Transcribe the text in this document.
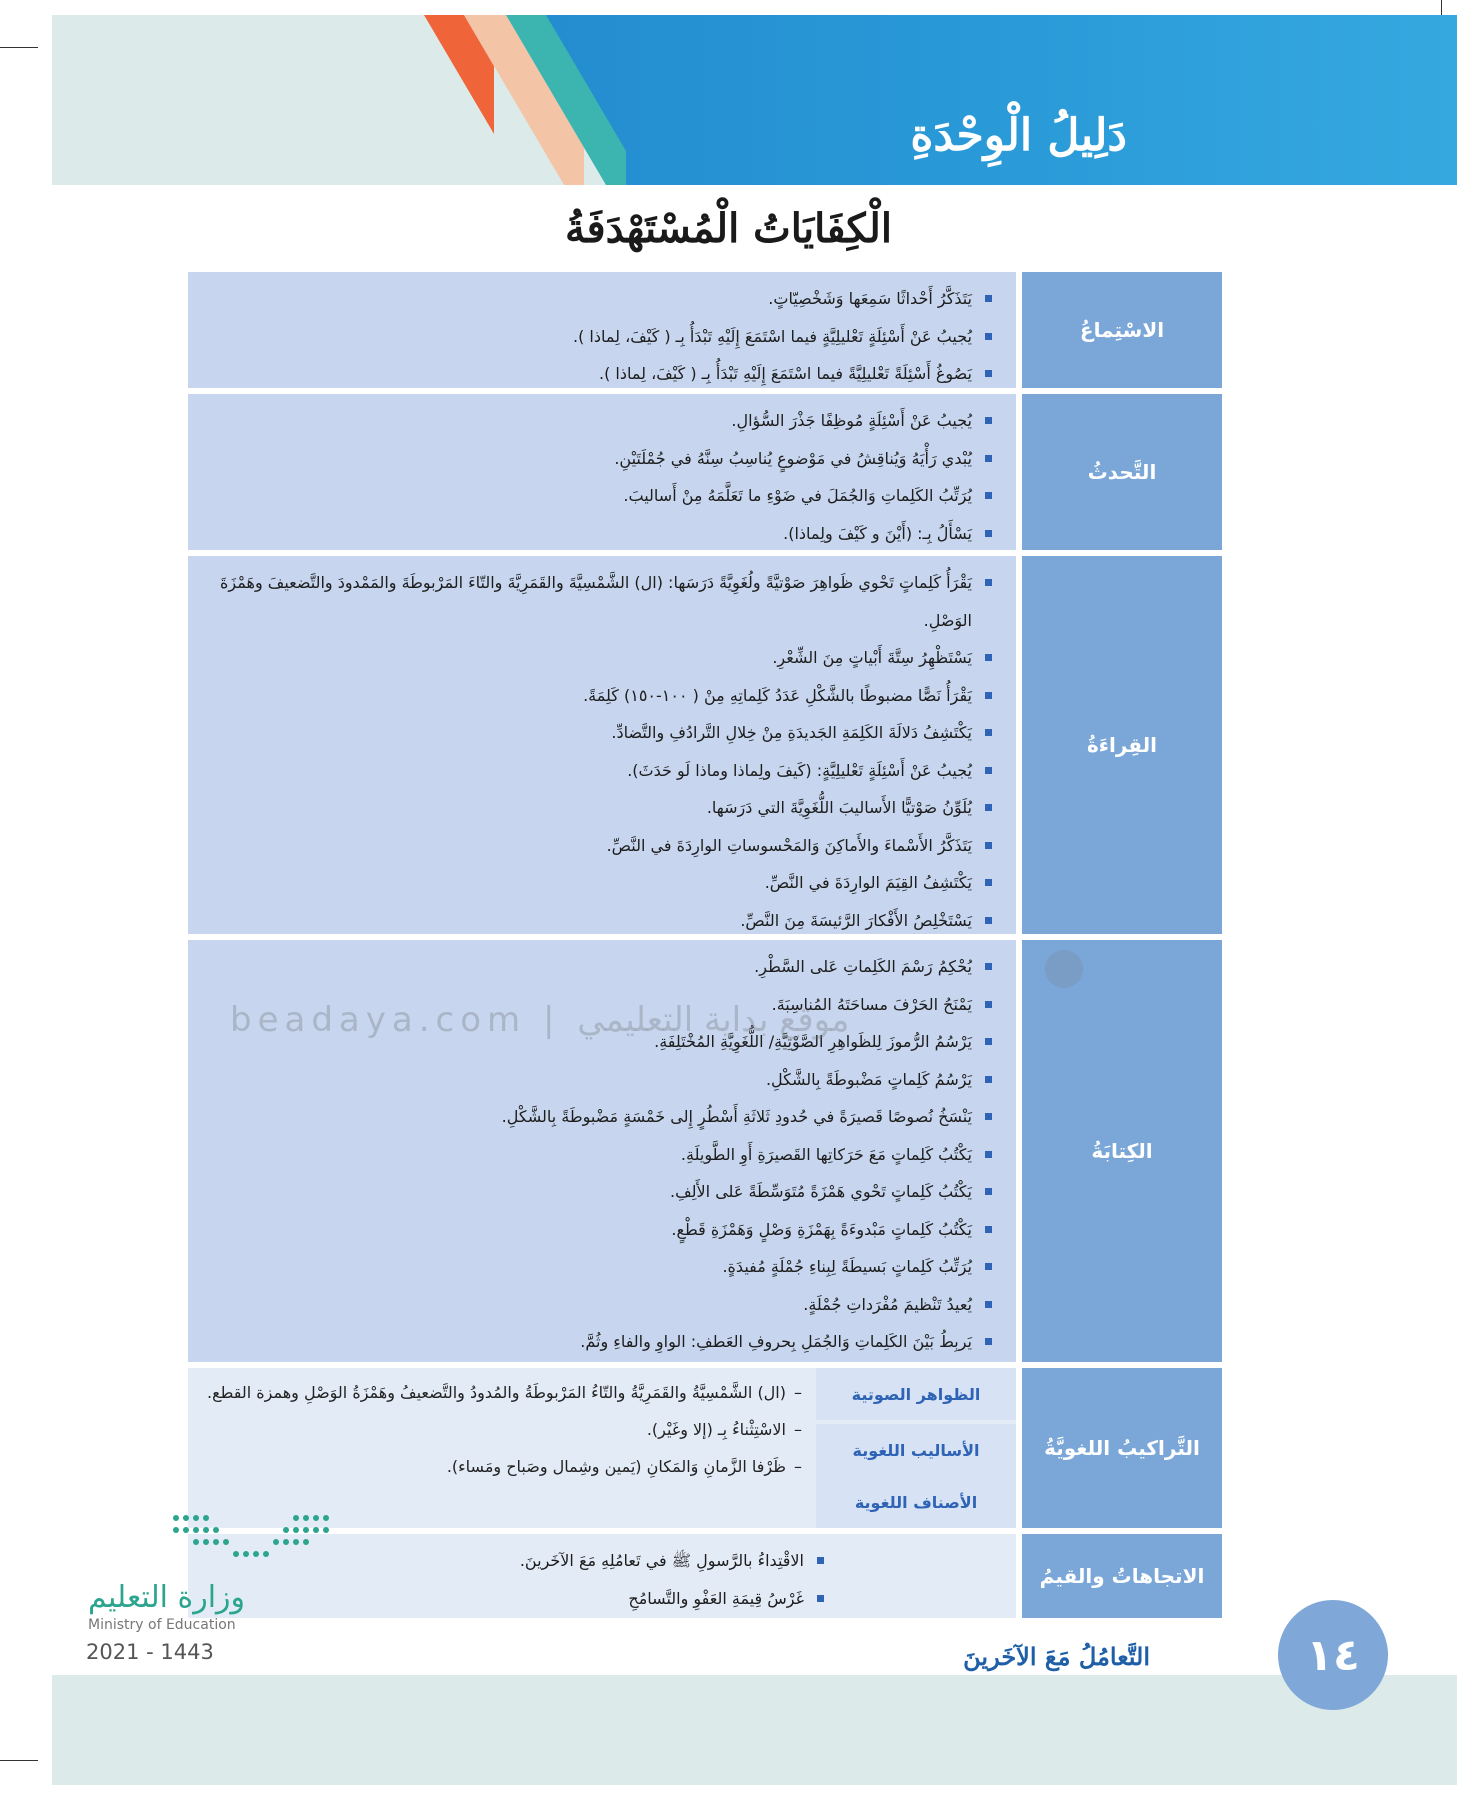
دَلِيلُ الْوِحْدَةِ
الْكِفَايَاتُ الْمُسْتَهْدَفَةُ
يَتَذَكَّرُ أَحْداثًا سَمِعَها وَشَخْصِيّاتٍ.
يُجيبُ عَنْ أَسْئِلَةٍ تَعْليلِيَّةٍ فيما اسْتَمَعَ إِلَيْهِ تَبْدَأُ بِـ ( كَيْفَ، لِماذا ).
يَصُوغُ أَسْئِلَةً تَعْليلِيَّةً فيما اسْتَمَعَ إِلَيْهِ تَبْدَأُ بِـ ( كَيْفَ، لِماذا ).
الاسْتِماعُ
يُجيبُ عَنْ أَسْئِلَةٍ مُوظِفًا جَذْرَ السُّؤالِ.
يُبْدي رَأْيَهُ وَيُناقِشُ في مَوْضوعٍ يُناسِبُ سِنَّهُ في جُمْلَتَيْنِ.
يُرَتِّبُ الكَلِماتِ وَالجُمَلَ في ضَوْءِ ما تَعَلَّمَهُ مِنْ أَساليبَ.
يَسْأَلُ بِـ: (أَيْنَ و كَيْفَ ولِماذا).
التَّحدثُ
يَقْرَأُ كَلِماتٍ تَحْوي ظَواهِرَ صَوْتيَّةً ولُغَوِيَّةً دَرَسَها: (ال) الشَّمْسِيَّةَ والقَمَرِيَّةَ والتّاءَ المَرْبوطَةَ والمَمْدودَ والتَّضعيفَ وهَمْزَةَ الوَصْلِ.
يَسْتَظْهِرُ سِتَّةَ أَبْياتٍ مِنَ الشِّعْرِ.
يَقْرَأُ نَصًّا مضبوطًا بالشَّكْلِ عَدَدُ كَلِماتِهِ مِنْ ( ١٠٠-١٥٠) كَلِمَةً.
يَكْتَشِفُ دَلالَةَ الكَلِمَةِ الجَديدَةِ مِنْ خِلالِ التَّرادُفِ والتَّضادِّ.
يُجيبُ عَنْ أَسْئِلَةٍ تَعْليلِيَّةٍ: (كَيفَ ولِماذا وماذا لَو حَدَثَ).
يُلَوِّنُ صَوْتيًّا الأَساليبَ اللُّغَوِيَّةَ التي دَرَسَها.
يَتَذَكَّرُ الأَسْماءَ والأَماكِنَ وَالمَحْسوساتِ الوارِدَةَ في النَّصِّ.
يَكْتَشِفُ القِيَمَ الوارِدَةَ في النَّصِّ.
يَسْتَخْلِصُ الأَفْكارَ الرَّئيسَةَ مِنَ النَّصِّ.
القِراءَةُ
يُحْكِمُ رَسْمَ الكَلِماتِ عَلى السَّطْرِ.
يَمْنَحُ الحَرْفَ مساحَتَهُ المُناسِبَةَ.
يَرْسُمُ الرُّموزَ لِلظَواهِرِ الصَّوْتِيَّةِ/ اللُّغَوِيَّةِ المُخْتَلِفَةِ.
يَرْسُمُ كَلِماتٍ مَضْبوطَةً بِالشَّكْلِ.
يَنْسَخُ نُصوصًا قَصيرَةً في حُدودِ ثَلاثَةِ أَسْطُرٍ إِلى خَمْسَةٍ مَضْبوطَةً بِالشَّكْلِ.
يَكْتُبُ كَلِماتٍ مَعَ حَرَكاتِها القَصيرَةِ أَوِ الطَّويلَةِ.
يَكْتُبُ كَلِماتٍ تَحْوي هَمْزَةً مُتَوَسِّطَةً عَلى الأَلِفِ.
يَكْتُبُ كَلِماتٍ مَبْدوءَةً بِهَمْزَةِ وَصْلٍ وَهَمْزَةِ قَطْعٍ.
يُرَتِّبُ كَلِماتٍ بَسيطَةً لِبِناءِ جُمْلَةٍ مُفيدَةٍ.
يُعيدُ تَنْظيمَ مُفْرَداتِ جُمْلَةٍ.
يَربِطُ بَيْنَ الكَلِماتِ وَالجُمَلِ بِحروفِ العَطفِ: الواوِ والفاءِ وثُمَّ.
الكِتابَةُ
beadaya.com | موقع بداية التعليمي
– (ال) الشَّمْسِيَّةُ والقَمَرِيَّةُ والتّاءُ المَرْبوطَةُ والمُدودُ والتَّضعيفُ وهَمْزَةُ الوَصْلِ وهمزة القطع.
– الاسْتِثْناءُ بِـ (إلا وغَيْر).
– ظَرْفا الزَّمانِ وَالمَكانِ (يَمين وشِمال وصَباح ومَساء).
الظواهر الصوتية
الأساليب اللغوية
الأصناف اللغوية
التَّراكيبُ اللغويَّةُ
الاقْتِداءُ بالرَّسولِ ﷺ في تَعامُلِهِ مَعَ الآخَرينَ.
غَرْسُ قِيمَةِ العَفْوِ والتَّسامُحِ
الاتجاهاتُ والقيمُ
١٤
التَّعامُلُ مَعَ الآخَرينَ
وزارة التعليم
Ministry of Education
2021 - 1443
